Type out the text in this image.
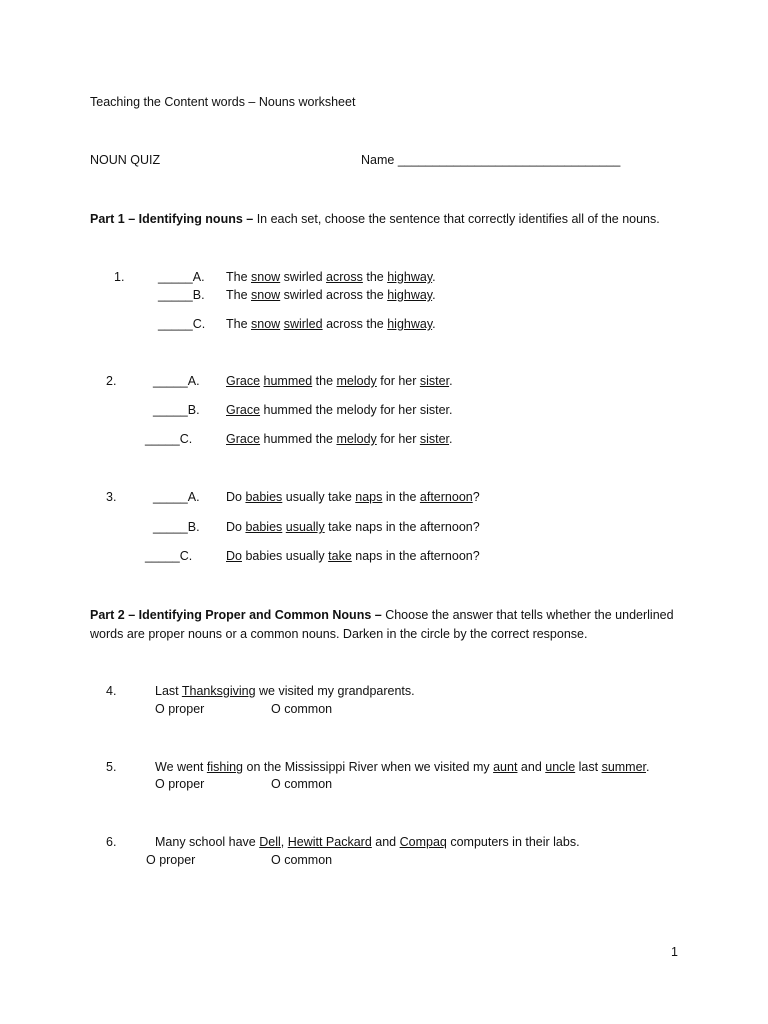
Teaching the Content words – Nouns worksheet
NOUN QUIZ	Name ________________________________
Part 1 – Identifying nouns – In each set, choose the sentence that correctly identifies all of the nouns.
1.	_____A. The snow swirled across the highway.
_____B. The snow swirled across the highway.
_____C. The snow swirled across the highway.
2.	_____A. Grace hummed the melody for her sister.
_____B. Grace hummed the melody for her sister.
_____C.	Grace hummed the melody for her sister.
3.	_____A. Do babies usually take naps in the afternoon?
_____B. Do babies usually take naps in the afternoon?
_____C.	Do babies usually take naps in the afternoon?
Part 2 – Identifying Proper and Common Nouns – Choose the answer that tells whether the underlined
words are proper nouns or a common nouns. Darken in the circle by the correct response.
4.	Last Thanksgiving we visited my grandparents.
O proper	O common
5.	We went fishing on the Mississippi River when we visited my aunt and uncle last summer.
O proper	O common
6.	Many school have Dell, Hewitt Packard and Compaq computers in their labs.
O proper	O common
1
